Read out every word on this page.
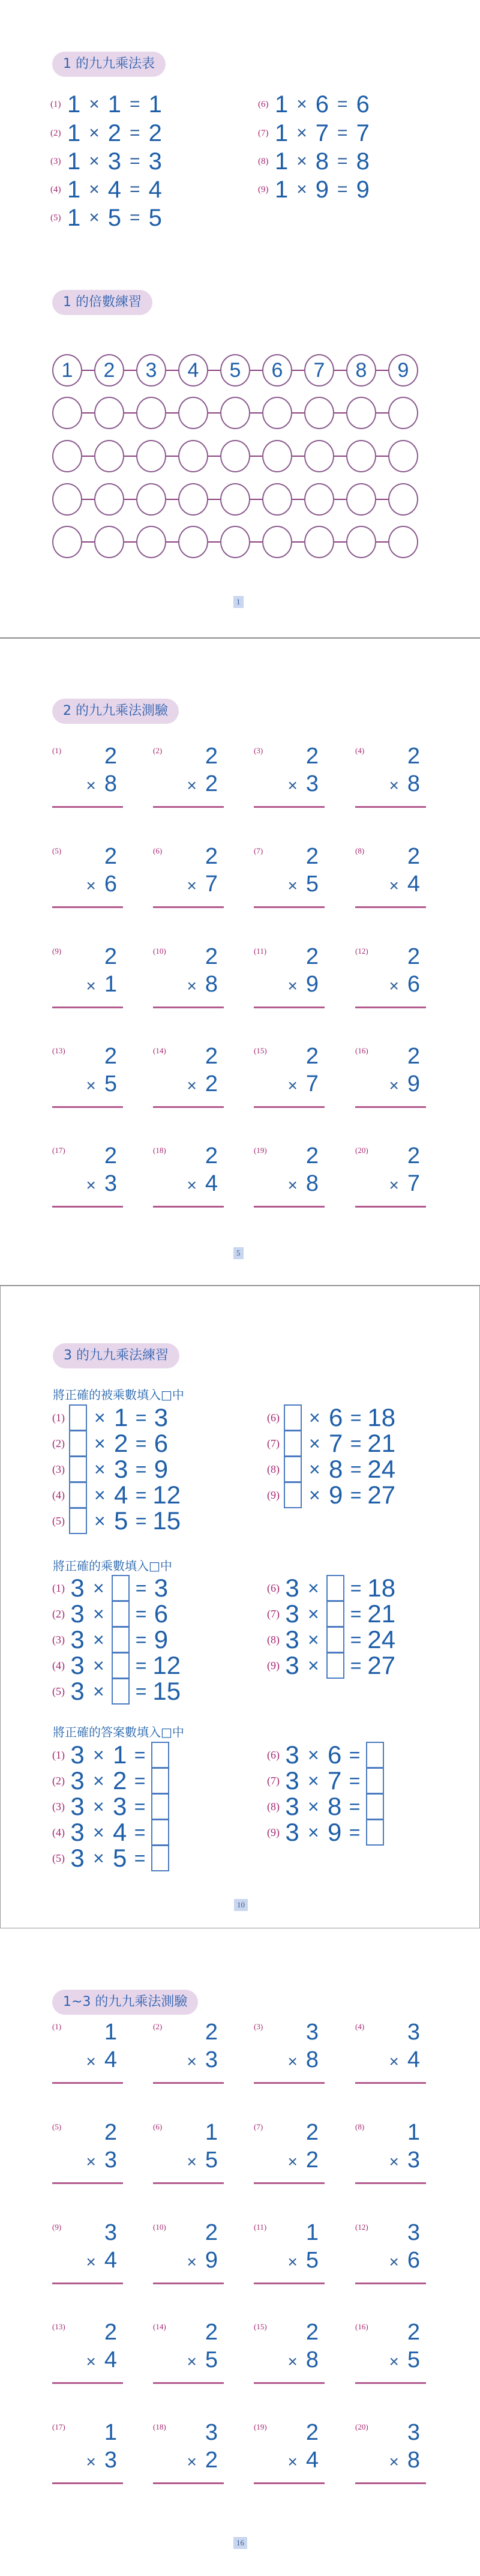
1 的九九乘法表
(1) 1 × 1 = 1
(2) 1 × 2 = 2
(3) 1 × 3 = 3
(4) 1 × 4 = 4
(5) 1 × 5 = 5
(6) 1 × 6 = 6
(7) 1 × 7 = 7
(8) 1 × 8 = 8
(9) 1 × 9 = 9
1 的倍數練習
1	2	3	4	5	6	7	8	9
1
2 的九九乘法測驗
(1) 2
× 8
(2) 2
× 2
(3) 2
× 3
(4) 2
× 8
(5) 2
× 6
(6) 2
× 7
(7) 2
× 5
(8) 2
× 4
(9) 2
× 1
(10) 2
× 8
(11) 2
× 9
(12) 2
× 6
(13) 2
× 5
(14) 2
× 2
(15) 2
× 7
(16) 2
× 9
(17) 2
× 3
(18) 2
× 4
(19) 2
× 8
(20) 2
× 7
5
3 的九九乘法練習
將正確的被乘數填入□中
(1) × 1 = 3
(2) × 2 = 6
(3) × 3 = 9
(4) × 4 = 12
(5) × 5 = 15
(6) × 6 = 18
(7) × 7 = 21
(8) × 8 = 24
(9) × 9 = 27
將正確的乘數填入□中
(1) 3 × = 3
(2) 3 × = 6
(3) 3 × = 9
(4) 3 × = 12
(5) 3 × = 15
(6) 3 × = 18
(7) 3 × = 21
(8) 3 × = 24
(9) 3 × = 27
將正確的答案數填入□中
(1) 3 × 1 =
(2) 3 × 2 =
(3) 3 × 3 =
(4) 3 × 4 =
(5) 3 × 5 =
(6) 3 × 6 =
(7) 3 × 7 =
(8) 3 × 8 =
(9) 3 × 9 =
10
1~3 的九九乘法測驗
(1) 1
× 4
(2) 2
× 3
(3) 3
× 8
(4) 3
× 4
(5) 2
× 3
(6) 1
× 5
(7) 2
× 2
(8) 1
× 3
(9) 3
× 4
(10) 2
× 9
(11) 1
× 5
(12) 3
× 6
(13) 2
× 4
(14) 2
× 5
(15) 2
× 8
(16) 2
× 5
(17) 1
× 3
(18) 3
× 2
(19) 2
× 4
(20) 3
× 8
16
